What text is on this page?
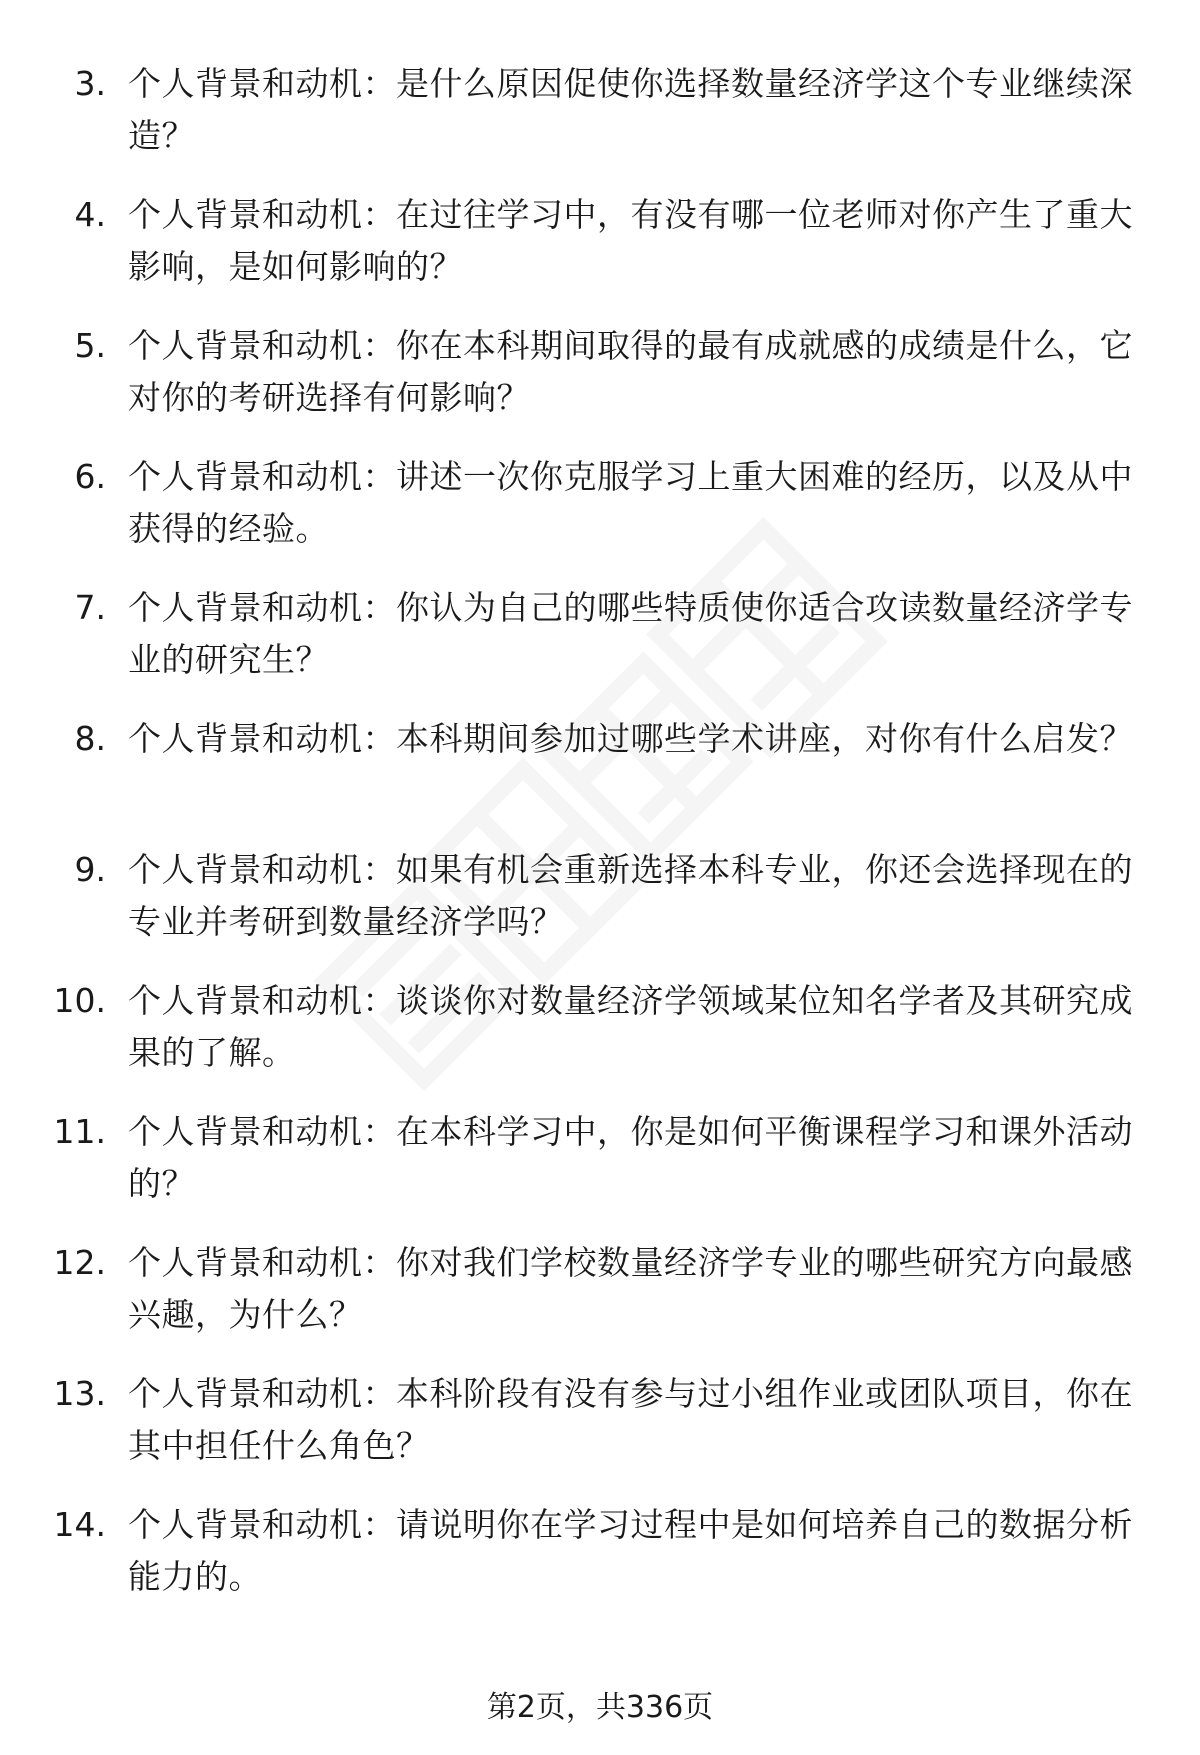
3. 个人背景和动机：是什么原因促使你选择数量经济学这个专业继续深造？
4. 个人背景和动机：在过往学习中，有没有哪一位老师对你产生了重大影响，是如何影响的？
5. 个人背景和动机：你在本科期间取得的最有成就感的成绩是什么，它对你的考研选择有何影响？
6. 个人背景和动机：讲述一次你克服学习上重大困难的经历，以及从中获得的经验。
7. 个人背景和动机：你认为自己的哪些特质使你适合攻读数量经济学专业的研究生？
8. 个人背景和动机：本科期间参加过哪些学术讲座，对你有什么启发？
9. 个人背景和动机：如果有机会重新选择本科专业，你还会选择现在的专业并考研到数量经济学吗？
10. 个人背景和动机：谈谈你对数量经济学领域某位知名学者及其研究成果的了解。
11. 个人背景和动机：在本科学习中，你是如何平衡课程学习和课外活动的？
12. 个人背景和动机：你对我们学校数量经济学专业的哪些研究方向最感兴趣，为什么？
13. 个人背景和动机：本科阶段有没有参与过小组作业或团队项目，你在其中担任什么角色？
14. 个人背景和动机：请说明你在学习过程中是如何培养自己的数据分析能力的。
第2页，共336页
